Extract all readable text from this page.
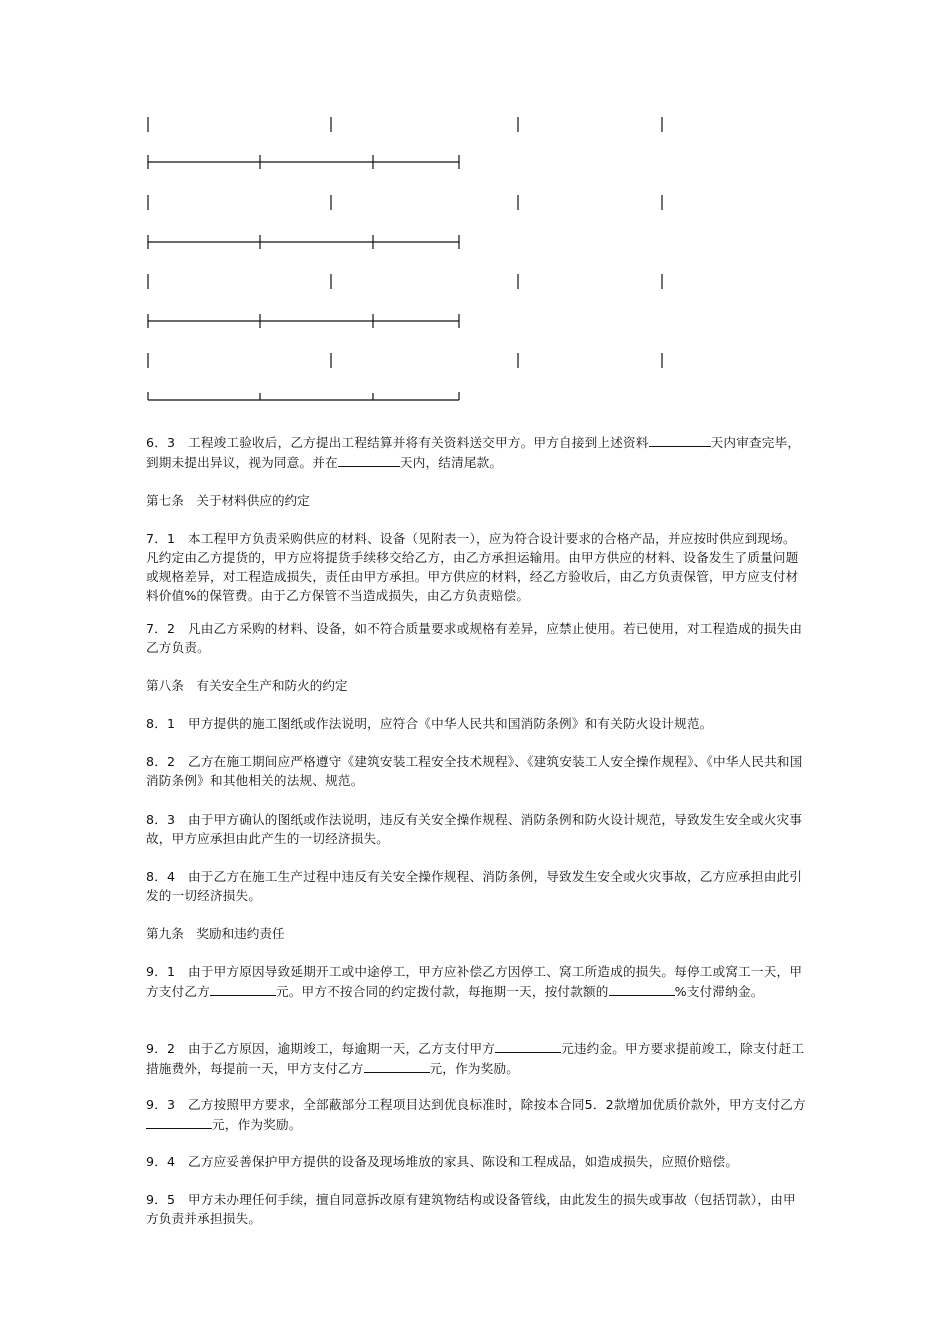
6．3　 工程竣工验收后，乙方提出工程结算并将有关资料送交甲方。甲方自接到上述资料	天内审查完毕，到期未提出异议，视为同意。并在	天内，结清尾款。

第七条　关于材料供应的约定

7．1　本工程甲方负责采购供应的材料、设备（见附表一），应为符合设计要求的合格产品，并应按时供应到现场。凡约定由乙方提货的，甲方应将提货手续移交给乙方，由乙方承担运输用。由甲方供应的材料、设备发生了质量问题或规格差异，对工程造成损失，责任由甲方承担。甲方供应的材料，经乙方验收后，由乙方负责保管，甲方应支付材料价值%的保管费。由于乙方保管不当造成损失，由乙方负责赔偿。

7．2　凡由乙方采购的材料、设备，如不符合质量要求或规格有差异，应禁止使用。若已使用，对工程造成的损失由乙方负责。

第八条　有关安全生产和防火的约定

8．1　甲方提供的施工图纸或作法说明，应符合《中华人民共和国消防条例》和有关防火设计规范。

8．2　乙方在施工期间应严格遵守《建筑安装工程安全技术规程》、《建筑安装工人安全操作规程》、《中华人民共和国消防条例》和其他相关的法规、规范。

8．3　由于甲方确认的图纸或作法说明，违反有关安全操作规程、消防条例和防火设计规范，导致发生安全或火灾事故，甲方应承担由此产生的一切经济损失。

8．4　由于乙方在施工生产过程中违反有关安全操作规程、消防条例，导致发生安全或火灾事故，乙方应承担由此引发的一切经济损失。

第九条　奖励和违约责任

9．1　由于甲方原因导致延期开工或中途停工，甲方应补偿乙方因停工、窝工所造成的损失。每停工或窝工一天，甲方支付乙方	元。甲方不按合同的约定拨付款，每拖期一天，按付款额的	%支付滞纳金。

9．2　由于乙方原因，逾期竣工，每逾期一天，乙方支付甲方	元违约金。甲方要求提前竣工，除支付赶工措施费外，每提前一天，甲方支付乙方	元，作为奖励。

9．3　乙方按照甲方要求，全部蔽部分工程项目达到优良标准时，除按本合同5．2款增加优质价款外，甲方支付乙方元，作为奖励。

9．4　乙方应妥善保护甲方提供的设备及现场堆放的家具、陈设和工程成品，如造成损失，应照价赔偿。

9．5　甲方未办理任何手续，擅自同意拆改原有建筑物结构或设备管线，由此发生的损失或事故（包括罚款），由甲方负责并承担损失。
